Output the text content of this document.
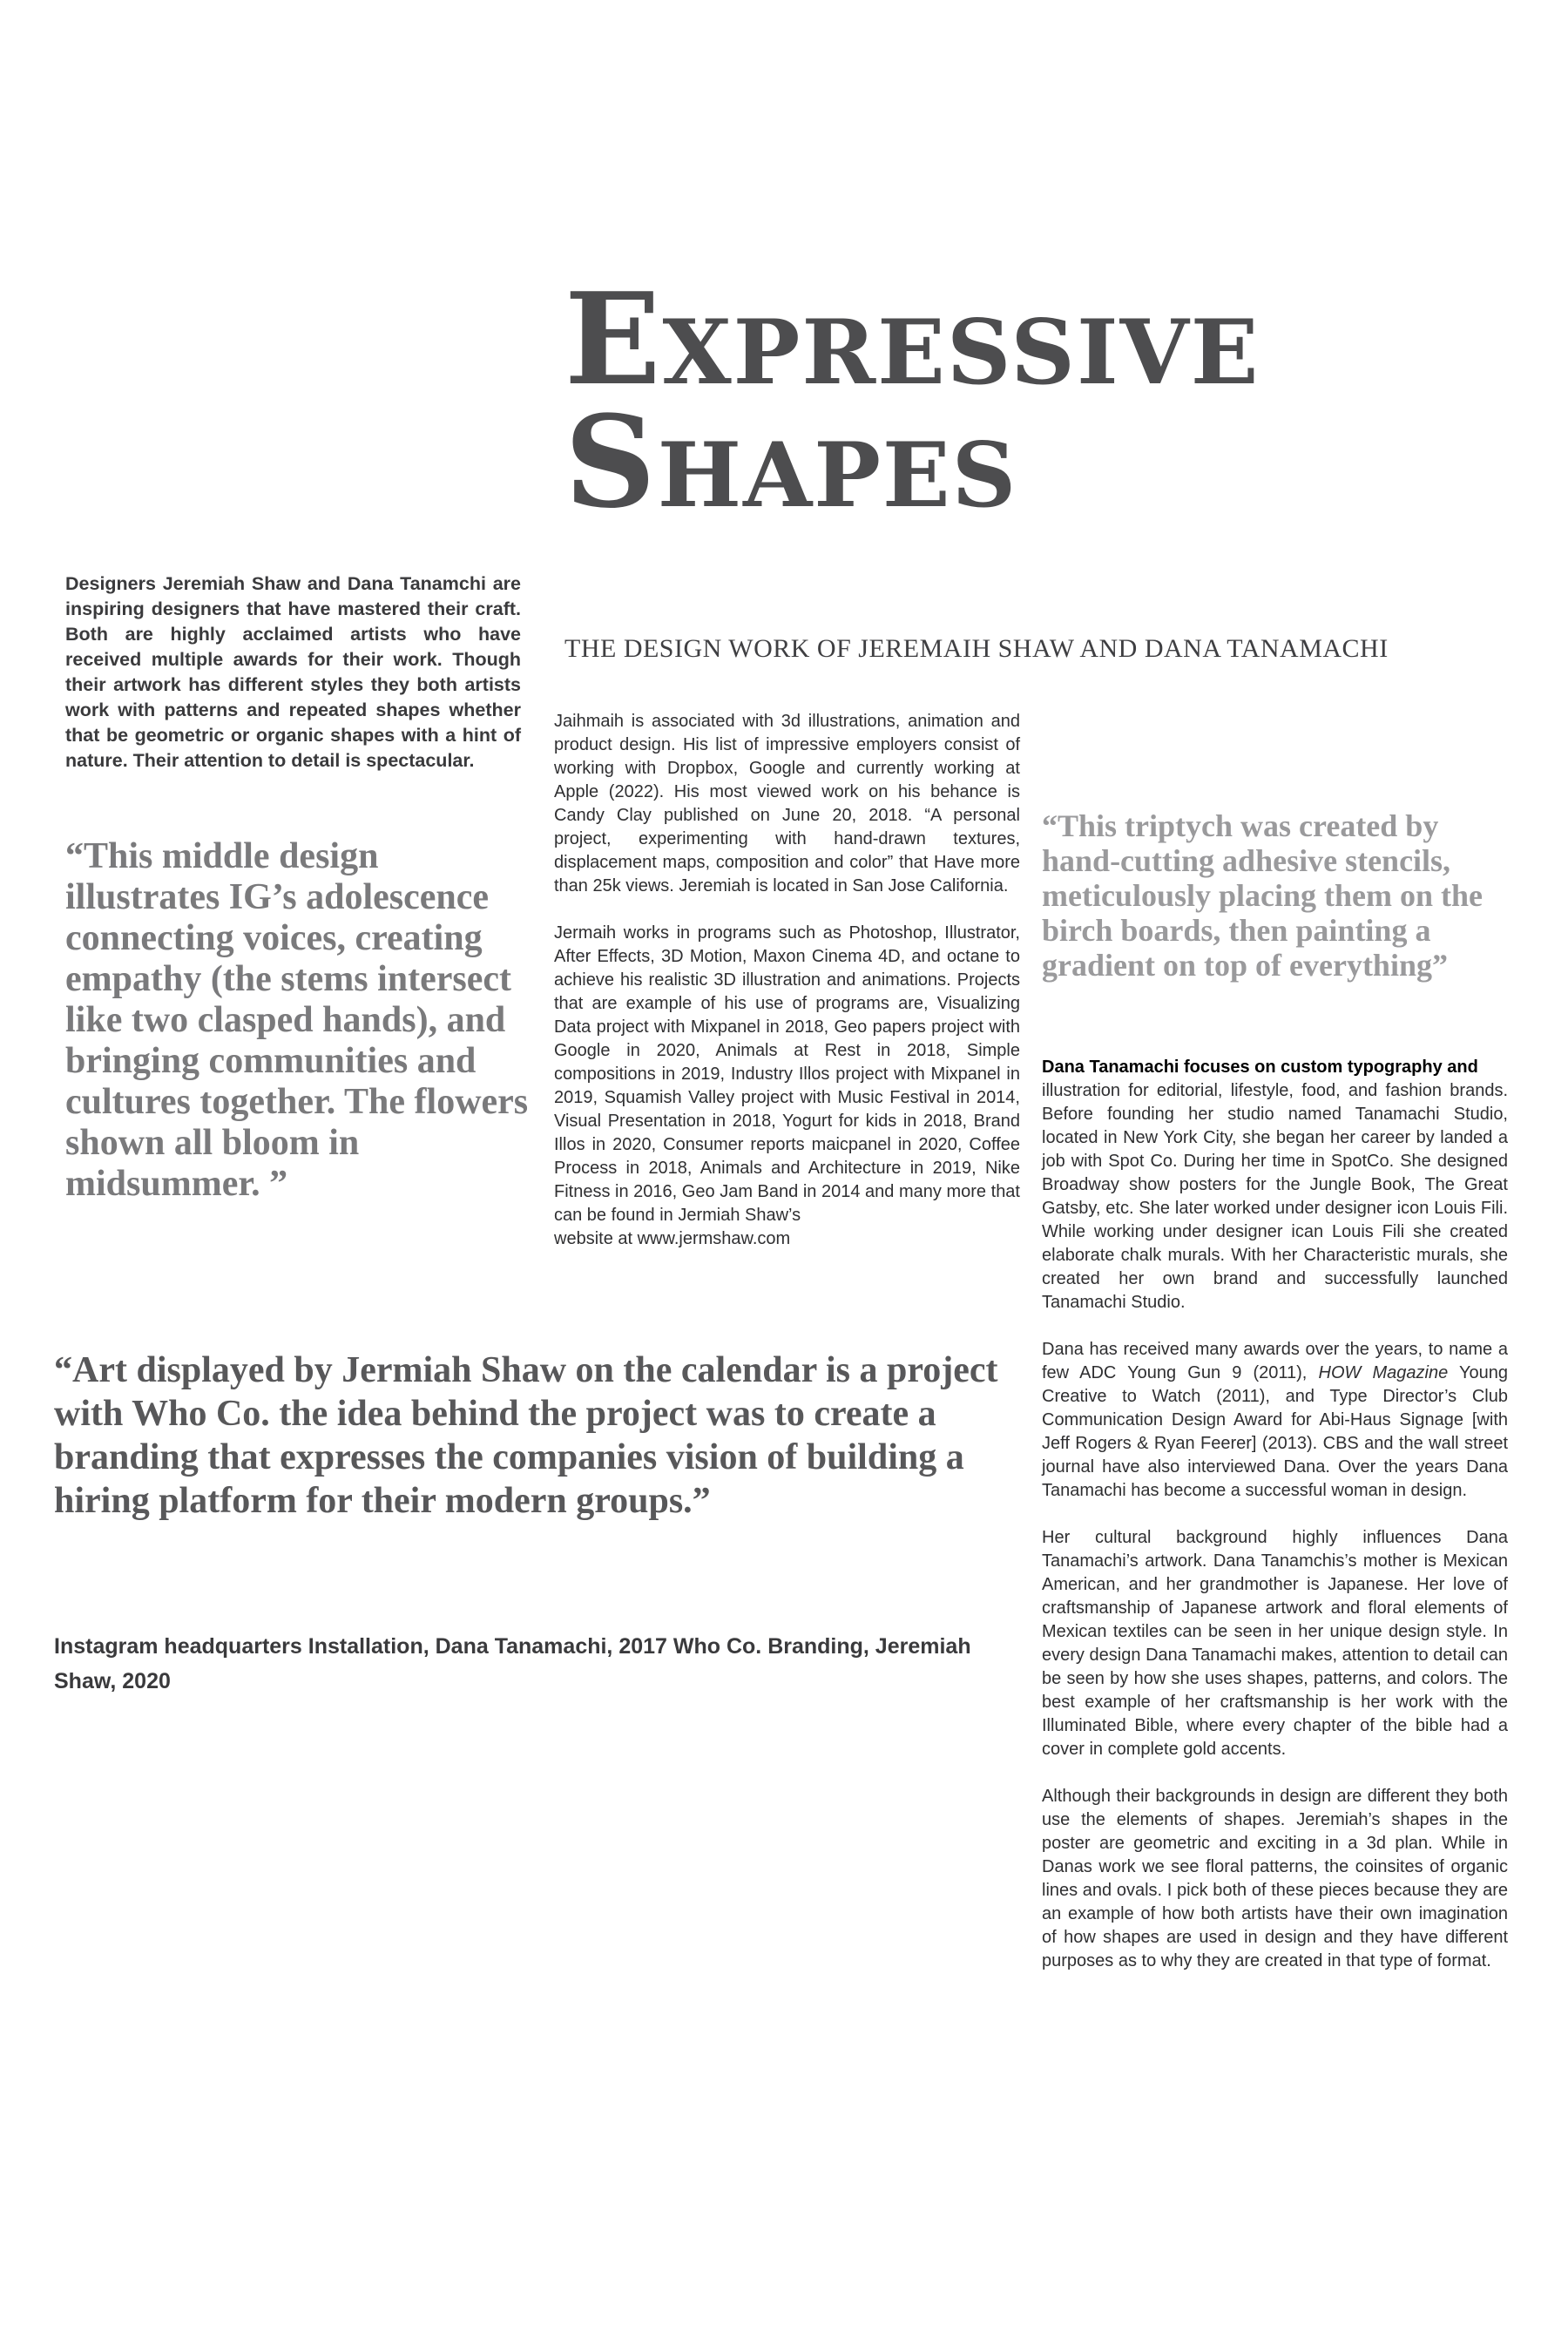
Expressive
Shapes
THE DESIGN WORK OF JEREMAIH SHAW AND DANA TANAMACHI

Designers Jeremiah Shaw and Dana Tanamchi are inspiring designers that have mastered their craft. Both are highly acclaimed artists who have received multiple awards for their work. Though their artwork has different styles they both artists work with patterns and repeated shapes whether that be geometric or organic shapes with a hint of nature. Their attention to detail is spectacular.

“This middle design illustrates IG’s adolescence connecting voices, creating empathy (the stems intersect like two clasped hands), and bringing communities and cultures together. The flowers shown all bloom in midsummer. ”

Jaihmaih is associated with 3d illustrations, animation and product design. His list of impressive employers consist of working with Dropbox, Google and currently working at Apple (2022). His most viewed work on his behance is Candy Clay published on June 20, 2018. “A personal project, experimenting with hand-drawn textures, displacement maps, composition and color” that Have more than 25k views. Jeremiah is located in San Jose California.

Jermaih works in programs such as Photoshop, Illustrator, After Effects, 3D Motion, Maxon Cinema 4D, and octane to achieve his realistic 3D illustration and animations. Projects that are example of his use of programs are, Visualizing Data project with Mixpanel in 2018, Geo papers project with Google in 2020, Animals at Rest in 2018, Simple compositions in 2019, Industry Illos project with Mixpanel in 2019, Squamish Valley project with Music Festival in 2014, Visual Presentation in 2018, Yogurt for kids in 2018, Brand Illos in 2020, Consumer reports maicpanel in 2020, Coffee Process in 2018, Animals and Architecture in 2019, Nike Fitness in 2016, Geo Jam Band in 2014 and many more that can be found in Jermiah Shaw’s

website at www.jermshaw.com

“This triptych was created by hand-cutting adhesive stencils, meticulously placing them on the birch boards, then painting a gradient on top of everything”

Dana Tanamachi focuses on custom typography and

illustration for editorial, lifestyle, food, and fashion brands. Before founding her studio named Tanamachi Studio, located in New York City, she began her career by landed a job with Spot Co. During her time in SpotCo. She designed Broadway show posters for the Jungle Book, The Great Gatsby, etc. She later worked under designer icon Louis Fili. While working under designer ican Louis Fili she created elaborate chalk murals. With her Characteristic murals, she created her own brand and successfully launched Tanamachi Studio.

Dana has received many awards over the years, to name a few ADC Young Gun 9 (2011), HOW Magazine Young Creative to Watch (2011), and Type Director’s Club Communication Design Award for Abi-Haus Signage [with Jeff Rogers & Ryan Feerer] (2013). CBS and the wall street journal have also interviewed Dana. Over the years Dana Tanamachi has become a successful woman in design.

Her cultural background highly influences Dana Tanamachi’s artwork. Dana Tanamchis’s mother is Mexican American, and her grandmother is Japanese. Her love of craftsmanship of Japanese artwork and floral elements of Mexican textiles can be seen in her unique design style. In every design Dana Tanamachi makes, attention to detail can be seen by how she uses shapes, patterns, and colors. The best example of her craftsmanship is her work with the Illuminated Bible, where every chapter of the bible had a cover in complete gold accents.

Although their backgrounds in design are different they both use the elements of shapes. Jeremiah’s shapes in the poster are geometric and exciting in a 3d plan. While in Danas work we see floral patterns, the coinsites of organic lines and ovals. I pick both of these pieces because they are an example of how both artists have their own imagination of how shapes are used in design and they have different purposes as to why they are created in that type of format.

“Art displayed by Jermiah Shaw on the calendar is a project with Who Co. the idea behind the project was to create a branding that expresses the companies vision of building a hiring platform for their modern groups.”

Instagram headquarters Installation, Dana Tanamachi, 2017 Who Co. Branding, Jeremiah Shaw, 2020
